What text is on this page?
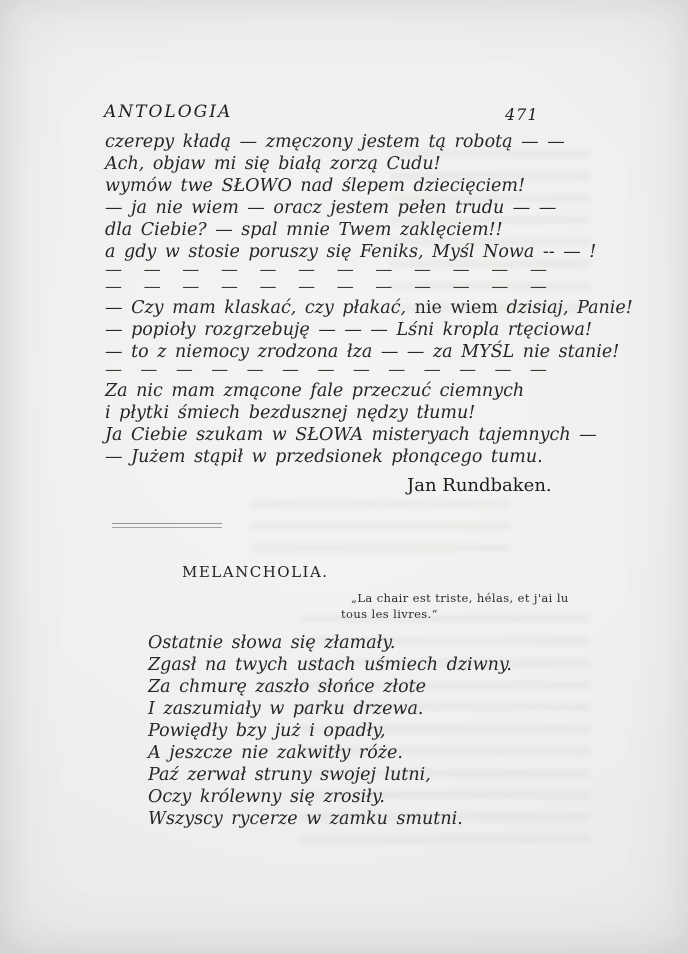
ANTOLOGIA	471
czerepy kładą — zmęczony jestem tą robotą — —
Ach, objaw mi się białą zorzą Cudu!
wymów twe SŁOWO nad ślepem dziecięciem!
— ja nie wiem — oracz jestem pełen trudu — —
dla Ciebie? — spal mnie Twem zaklęciem!!
a gdy w stosie poruszy się Feniks, Myśl Nowa -- — !
— — — — — — — — — — — —
— — — — — — — — — — — —
— Czy mam klaskać, czy płakać, nie wiem dzisiaj, Panie!
— popioły rozgrzebuję — — — Lśni kropla rtęciowa!
— to z niemocy zrodzona łza — — za MYŚL nie stanie!
— — — — — — — — — — — — —
Za nic mam zmącone fale przeczuć ciemnych
i płytki śmiech bezdusznej nędzy tłumu!
Ja Ciebie szukam w SŁOWA misteryach tajemnych —
— Jużem stąpił w przedsionek płonącego tumu.
Jan Rundbaken.
MELANCHOLIA.
„La chair est triste, hélas, et j'ai lu
tous les livres.“
Ostatnie słowa się złamały.
Zgasł na twych ustach uśmiech dziwny.
Za chmurę zaszło słońce złote
I zaszumiały w parku drzewa.
Powiędły bzy już i opadły,
A jeszcze nie zakwitły róże.
Paź zerwał struny swojej lutni,
Oczy królewny się zrosiły.
Wszyscy rycerze w zamku smutni.
